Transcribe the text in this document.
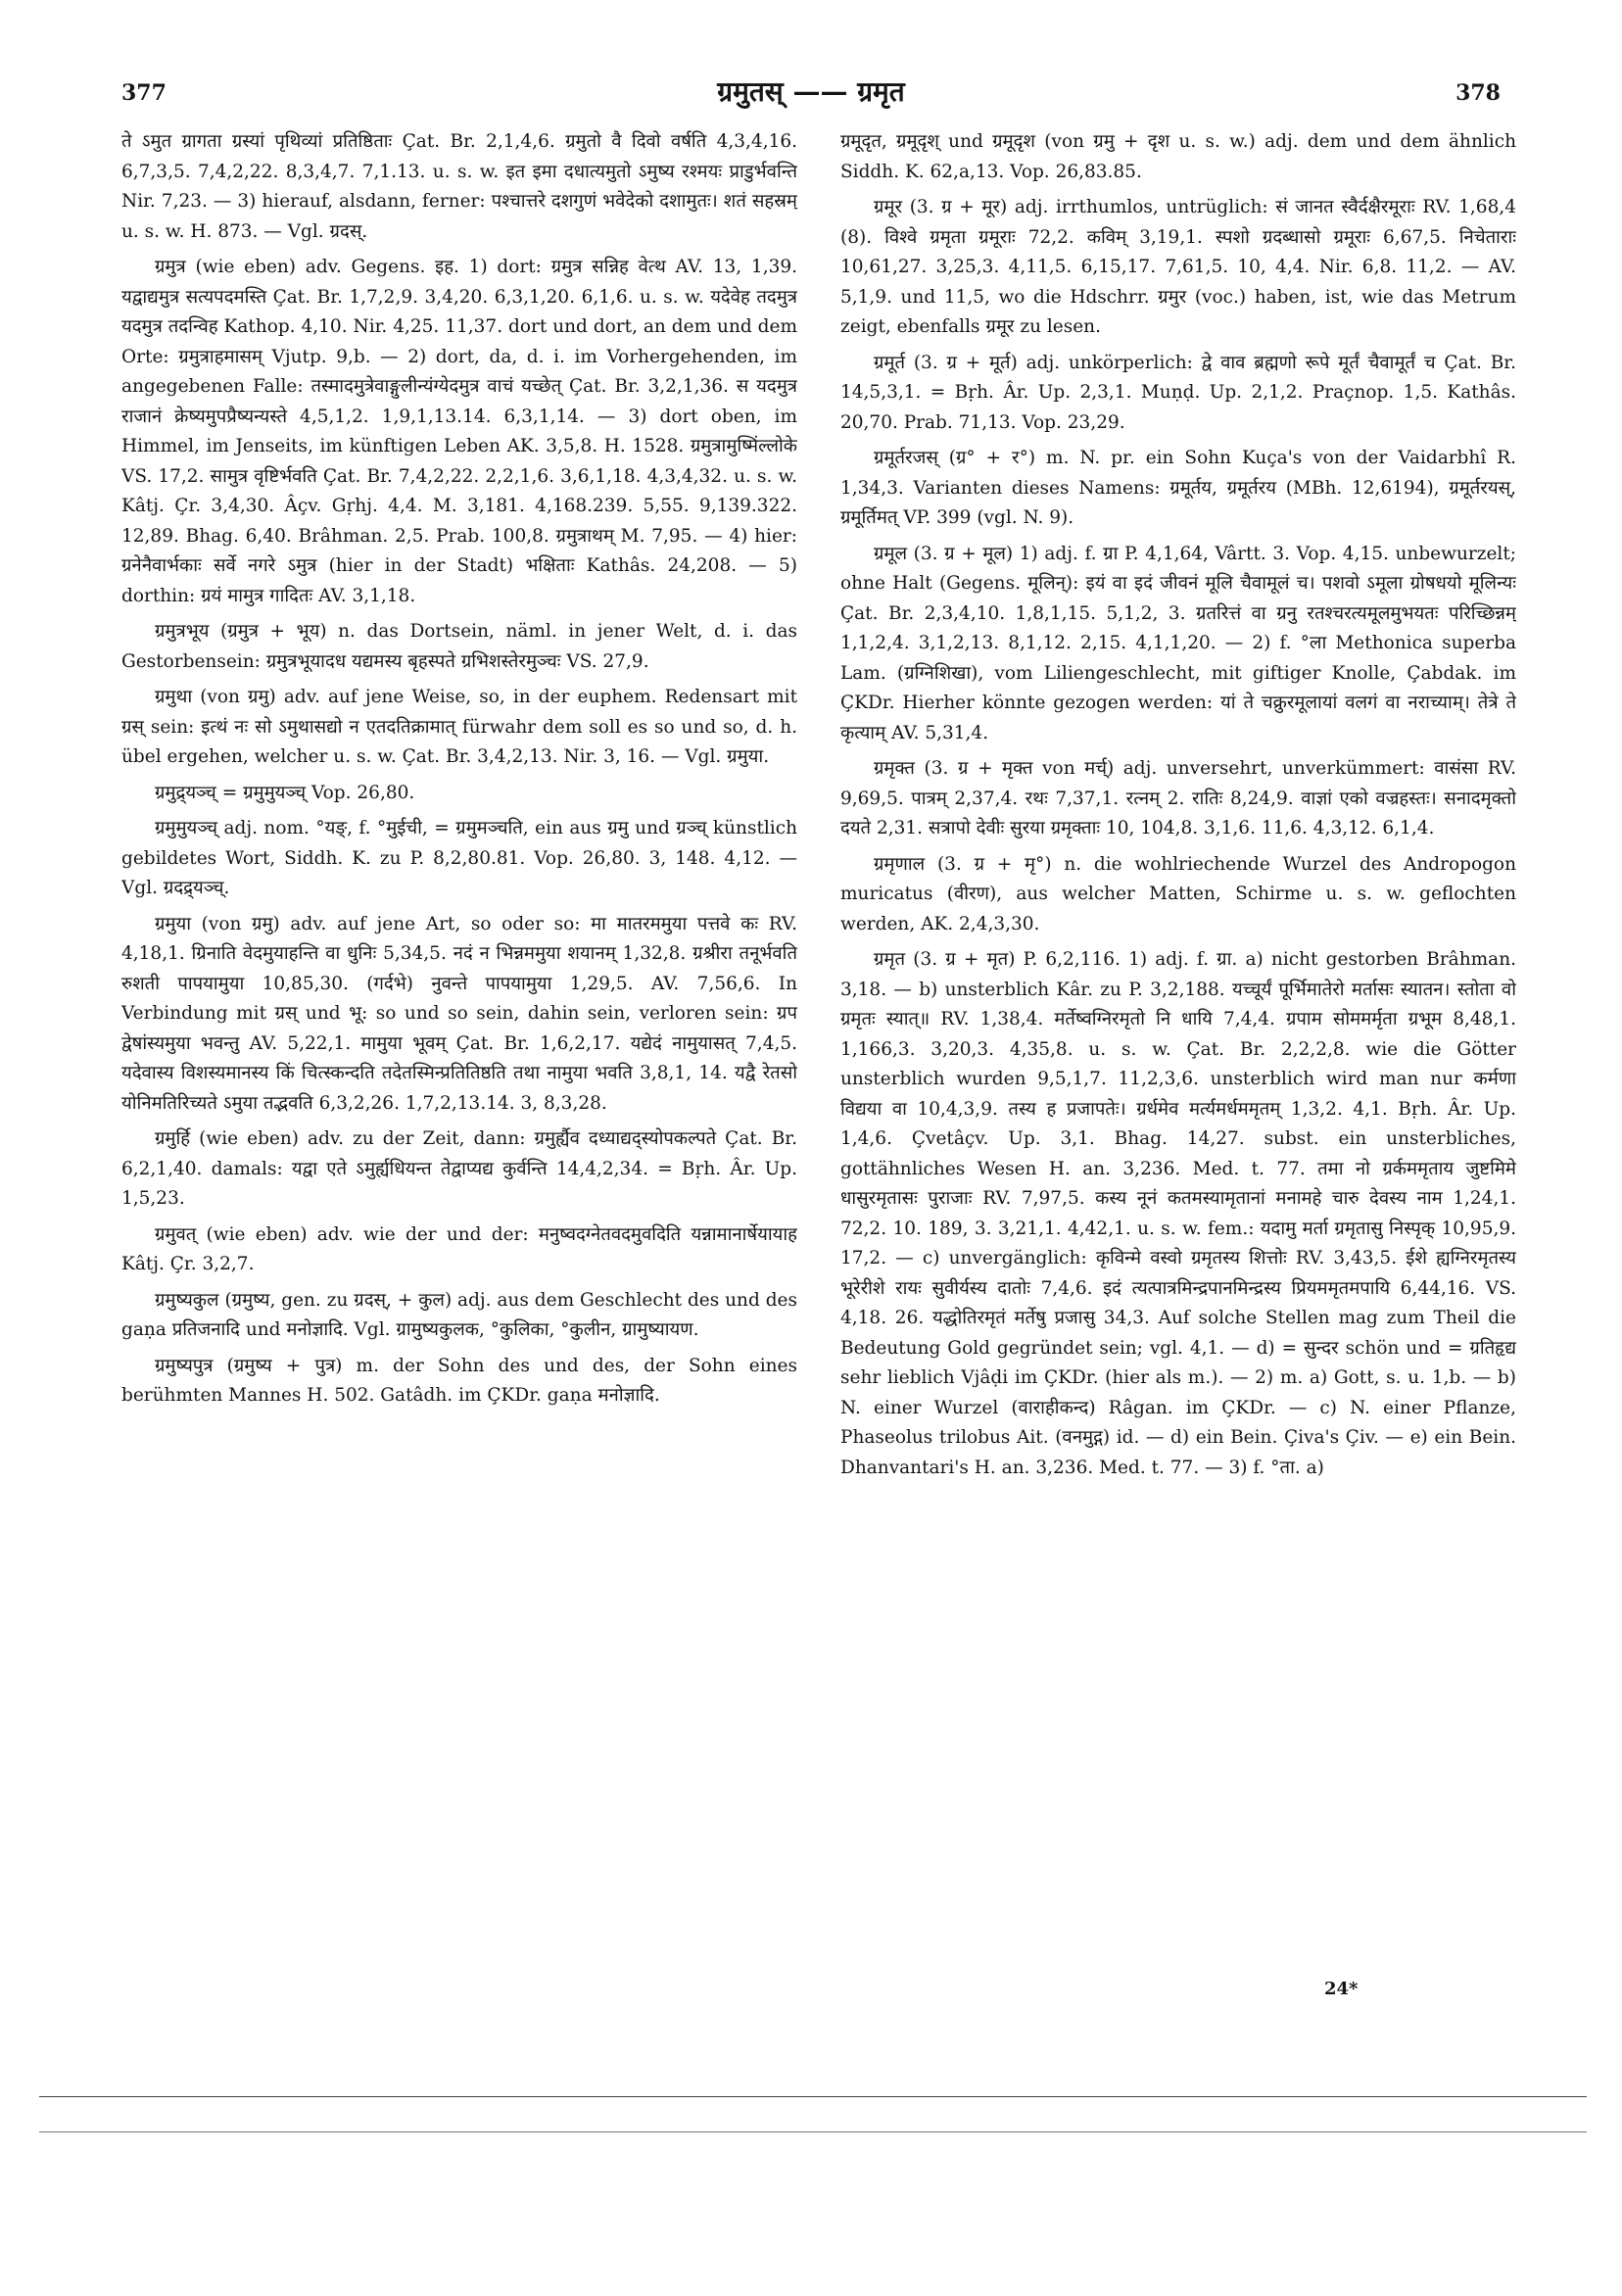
377	ग्रमुतस् —— ग्रमृत	378

ते ऽमुत ग्रागता ग्रस्यां पृथिव्यां प्रतिष्ठिताः Çat. Br. 2,1,4,6. ग्रमुतो वै दिवो वर्षति 4,3,4,16. 6,7,3,5. 7,4,2,22. 8,3,4,7. 7,1.13. u. s. w. इत इमा दधात्यमुतो ऽमुष्य रश्मयः प्राडुर्भवन्ति Nir. 7,23. — 3) hierauf, alsdann, ferner: पश्चात्तरे दशगुणं भवेदेको दशामुतः। शतं सहस्रम् u. s. w. H. 873. — Vgl. ग्रदस्.

ग्रमुत्र (wie eben) adv. Gegens. इह. 1) dort: ग्रमुत्र सन्निह वेत्थ AV. 13, 1,39. यद्वाद्यमुत्र सत्यपदमस्ति Çat. Br. 1,7,2,9. 3,4,20. 6,3,1,20. 6,1,6. u. s. w. यदेवेह तदमुत्र यदमुत्र तदन्विह Kathop. 4,10. Nir. 4,25. 11,37. dort und dort, an dem und dem Orte: ग्रमुत्राहमासम् Vjutp. 9,b. — 2) dort, da, d. i. im Vorhergehenden, im angegebenen Falle: तस्मादमुत्रेवाङ्गुलीन्यंग्येदमुत्र वाचं यच्छेत् Çat. Br. 3,2,1,36. स यदमुत्र राजानं क्रेष्यमुपप्रैष्यन्यस्ते 4,5,1,2. 1,9,1,13.14. 6,3,1,14. — 3) dort oben, im Himmel, im Jenseits, im künftigen Leben AK. 3,5,8. H. 1528. ग्रमुत्रामुष्मिंल्लोके VS. 17,2. सामुत्र वृष्टिर्भवति Çat. Br. 7,4,2,22. 2,2,1,6. 3,6,1,18. 4,3,4,32. u. s. w. Kâtj. Çr. 3,4,30. Âçv. Gṛhj. 4,4. M. 3,181. 4,168.239. 5,55. 9,139.322. 12,89. Bhag. 6,40. Brâhman. 2,5. Prab. 100,8. ग्रमुत्राथम् M. 7,95. — 4) hier: ग्रनेनैवार्भकाः सर्वे नगरे ऽमुत्र (hier in der Stadt) भक्षिताः Kathâs. 24,208. — 5) dorthin: ग्रयं मामुत्र गादितः AV. 3,1,18.

ग्रमुत्रभूय (ग्रमुत्र + भूय) n. das Dortsein, näml. in jener Welt, d. i. das Gestorbensein: ग्रमुत्रभूयादध यद्यमस्य बृहस्पते ग्रभिशस्तेरमुञ्चः VS. 27,9.

ग्रमुथा (von ग्रमु) adv. auf jene Weise, so, in der euphem. Redensart mit ग्रस् sein: इत्थं नः सो ऽमुथासद्यो न एतदतिक्रामात् fürwahr dem soll es so und so, d. h. übel ergehen, welcher u. s. w. Çat. Br. 3,4,2,13. Nir. 3, 16. — Vgl. ग्रमुया.

ग्रमुद्र्यञ्च् = ग्रमुमुयञ्च् Vop. 26,80.

ग्रमुमुयञ्च् adj. nom. °यङ्, f. °मुईची, = ग्रमुमञ्चति, ein aus ग्रमु und ग्रञ्च् künstlich gebildetes Wort, Siddh. K. zu P. 8,2,80.81. Vop. 26,80. 3, 148. 4,12. — Vgl. ग्रदद्र्यञ्च्.

ग्रमुया (von ग्रमु) adv. auf jene Art, so oder so: मा मातरममुया पत्तवे कः RV. 4,18,1. ग्रिनाति वेदमुयाहन्ति वा धुनिः 5,34,5. नदं न भिन्नममुया शयानम् 1,32,8. ग्रश्रीरा तनूर्भवति रुशती पापयामुया 10,85,30. (गर्दभे) नुवन्ते पापयामुया 1,29,5. AV. 7,56,6. In Verbindung mit ग्रस् und भू: so und so sein, dahin sein, verloren sein: ग्रप द्वेषांस्यमुया भवन्तु AV. 5,22,1. मामुया भूवम् Çat. Br. 1,6,2,17. यद्येदं नामुयासत् 7,4,5. यदेवास्य विशस्यमानस्य किं चित्स्कन्दति तदेतस्मिन्प्रतितिष्ठति तथा नामुया भवति 3,8,1, 14. यद्वै रेतसो योनिमतिरिच्यते ऽमुया तद्भवति 6,3,2,26. 1,7,2,13.14. 3, 8,3,28.

ग्रमुर्हि (wie eben) adv. zu der Zeit, dann: ग्रमुर्ह्यैव दध्याद्यद्स्योपकल्पते Çat. Br. 6,2,1,40. damals: यद्वा एते ऽमुर्ह्यधियन्त तेद्वाप्यद्य कुर्वन्ति 14,4,2,34. = Bṛh. Âr. Up. 1,5,23.

ग्रमुवत् (wie eben) adv. wie der und der: मनुष्वदग्नेतवदमुवदिति यन्नामानार्षेयायाह Kâtj. Çr. 3,2,7.

ग्रमुष्यकुल (ग्रमुष्य, gen. zu ग्रदस्, + कुल) adj. aus dem Geschlecht des und des gaṇa प्रतिजनादि und मनोज्ञादि. Vgl. ग्रामुष्यकुलक, °कुलिका, °कुलीन, ग्रामुष्यायण.

ग्रमुष्यपुत्र (ग्रमुष्य + पुत्र) m. der Sohn des und des, der Sohn eines berühmten Mannes H. 502. Gatâdh. im ÇKDr. gaṇa मनोज्ञादि.

ग्रमूदृत, ग्रमूदृश् und ग्रमूदृश (von ग्रमु + दृश u. s. w.) adj. dem und dem ähnlich Siddh. K. 62,a,13. Vop. 26,83.85.

ग्रमूर (3. ग्र + मूर) adj. irrthumlos, untrüglich: सं जानत स्वैर्दक्षैरमूराः RV. 1,68,4 (8). विश्वे ग्रमृता ग्रमूराः 72,2. कविम् 3,19,1. स्पशो ग्रदब्धासो ग्रमूराः 6,67,5. निचेताराः 10,61,27. 3,25,3. 4,11,5. 6,15,17. 7,61,5. 10, 4,4. Nir. 6,8. 11,2. — AV. 5,1,9. und 11,5, wo die Hdschrr. ग्रमुर (voc.) haben, ist, wie das Metrum zeigt, ebenfalls ग्रमूर zu lesen.

ग्रमूर्त (3. ग्र + मूर्त) adj. unkörperlich: द्वे वाव ब्रह्मणो रूपे मूर्तं चैवामूर्तं च Çat. Br. 14,5,3,1. = Bṛh. Âr. Up. 2,3,1. Muṇḍ. Up. 2,1,2. Praçnop. 1,5. Kathâs. 20,70. Prab. 71,13. Vop. 23,29.

ग्रमूर्तरजस् (ग्र° + र°) m. N. pr. ein Sohn Kuça's von der Vaidarbhî R. 1,34,3. Varianten dieses Namens: ग्रमूर्तय, ग्रमूर्तरय (MBh. 12,6194), ग्रमूर्तरयस्, ग्रमूर्तिमत् VP. 399 (vgl. N. 9).

ग्रमूल (3. ग्र + मूल) 1) adj. f. ग्रा P. 4,1,64, Vârtt. 3. Vop. 4,15. unbewurzelt; ohne Halt (Gegens. मूलिन्): इयं वा इदं जीवनं मूलि चैवामूलं च। पशवो ऽमूला ग्रोषधयो मूलिन्यः Çat. Br. 2,3,4,10. 1,8,1,15. 5,1,2, 3. ग्रतरित्तं वा ग्रनु रतश्चरत्यमूलमुभयतः परिच्छिन्नम् 1,1,2,4. 3,1,2,13. 8,1,12. 2,15. 4,1,1,20. — 2) f. °ला Methonica superba Lam. (ग्रग्निशिखा), vom Liliengeschlecht, mit giftiger Knolle, Çabdak. im ÇKDr. Hierher könnte gezogen werden: यां ते चक्रुरमूलायां वलगं वा नराच्याम्। तेत्रे ते कृत्याम् AV. 5,31,4.

ग्रमृक्त (3. ग्र + मृक्त von मर्च्) adj. unversehrt, unverkümmert: वासंसा RV. 9,69,5. पात्रम् 2,37,4. रथः 7,37,1. रत्नम् 2. रातिः 8,24,9. वाज्ञां एको वज्रहस्तः। सनादमृक्तो दयते 2,31. सत्रापो देवीः सुरया ग्रमृक्ताः 10, 104,8. 3,1,6. 11,6. 4,3,12. 6,1,4.

ग्रमृणाल (3. ग्र + मृ°) n. die wohlriechende Wurzel des Andropogon muricatus (वीरण), aus welcher Matten, Schirme u. s. w. geflochten werden, AK. 2,4,3,30.

ग्रमृत (3. ग्र + मृत) P. 6,2,116. 1) adj. f. ग्रा. a) nicht gestorben Brâhman. 3,18. — b) unsterblich Kâr. zu P. 3,2,188. यच्चूर्यं पूर्भिमातेरो मर्तासः स्यातन। स्तोता वो ग्रमृतः स्यात्॥ RV. 1,38,4. मर्तेष्वग्निरमृतो नि धायि 7,4,4. ग्रपाम सोममर्मृता ग्रभूम 8,48,1. 1,166,3. 3,20,3. 4,35,8. u. s. w. Çat. Br. 2,2,2,8. wie die Götter unsterblich wurden 9,5,1,7. 11,2,3,6. unsterblich wird man nur कर्मणा विद्यया वा 10,4,3,9. तस्य ह प्रजापतेः। ग्रर्धमेव मर्त्यमर्धममृतम् 1,3,2. 4,1. Bṛh. Âr. Up. 1,4,6. Çvetâçv. Up. 3,1. Bhag. 14,27. subst. ein unsterbliches, gottähnliches Wesen H. an. 3,236. Med. t. 77. तमा नो ग्रर्कममृताय जुष्टमिमे धासुरमृतासः पुराजाः RV. 7,97,5. कस्य नूनं कतमस्यामृतानां मनामहे चारु देवस्य नाम 1,24,1. 72,2. 10. 189, 3. 3,21,1. 4,42,1. u. s. w. fem.: यदामु मर्ता ग्रमृतासु निस्पृक् 10,95,9. 17,2. — c) unvergänglich: कृविन्मे वस्वो ग्रमृतस्य शित्तोः RV. 3,43,5. ईशे ह्यग्निरमृतस्य भूरेरीशे रायः सुवीर्यस्य दातोः 7,4,6. इदं त्यत्पात्रमिन्द्रपानमिन्द्रस्य प्रियममृतमपायि 6,44,16. VS. 4,18. 26. यद्धोतिरमृतं मर्तेषु प्रजासु 34,3. Auf solche Stellen mag zum Theil die Bedeutung Gold gegründet sein; vgl. 4,1. — d) = सुन्दर schön und = ग्रतिहृद्य sehr lieblich Vjâḍi im ÇKDr. (hier als m.). — 2) m. a) Gott, s. u. 1,b. — b) N. einer Wurzel (वाराहीकन्द) Râgan. im ÇKDr. — c) N. einer Pflanze, Phaseolus trilobus Ait. (वनमुद्ग) id. — d) ein Bein. Çiva's Çiv. — e) ein Bein. Dhanvantari's H. an. 3,236. Med. t. 77. — 3) f. °ता. a)

24*
